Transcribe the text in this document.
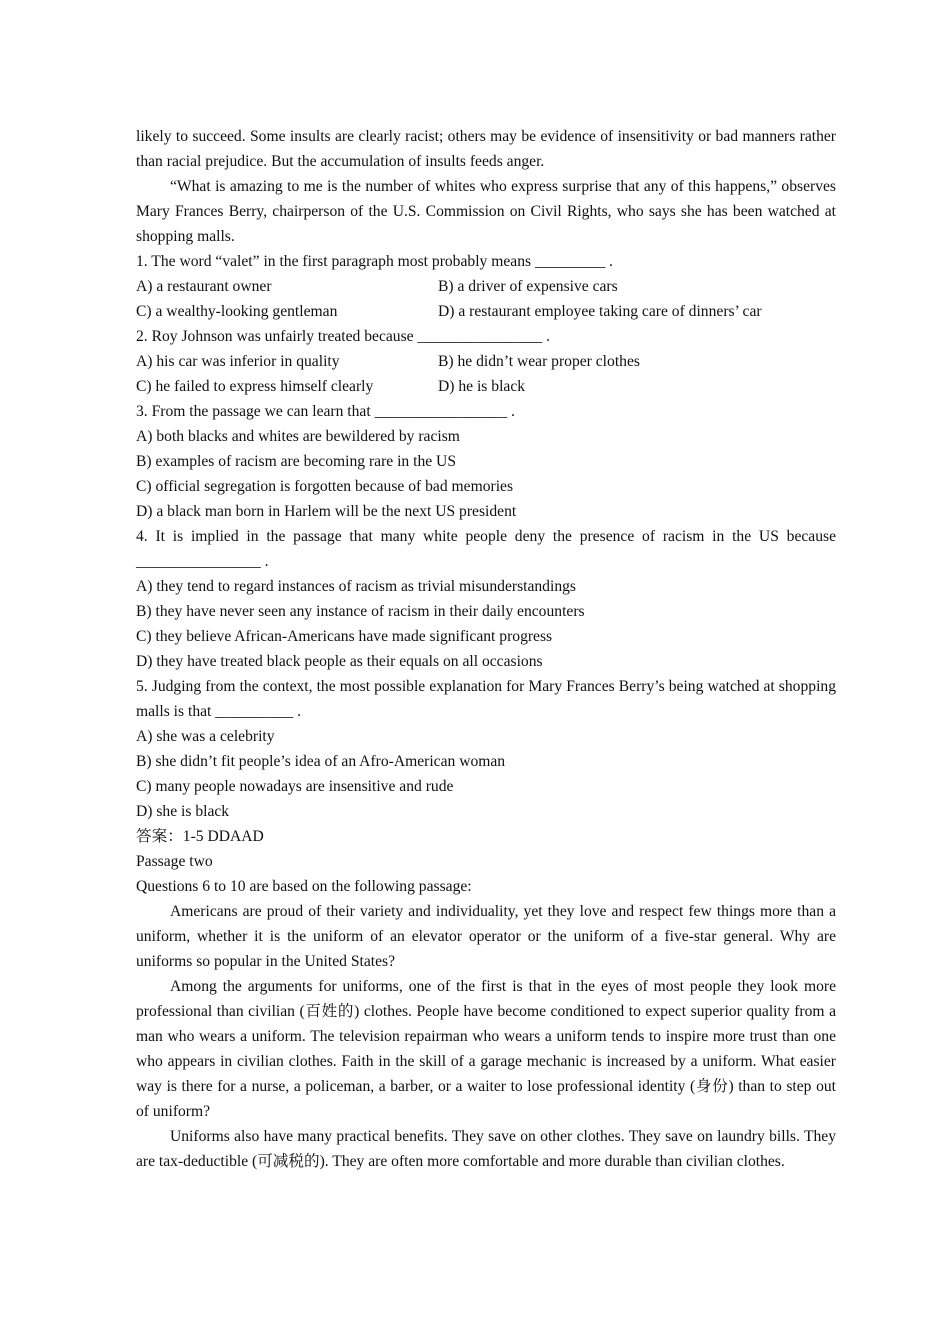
likely to succeed. Some insults are clearly racist; others may be evidence of insensitivity or bad manners rather than racial prejudice. But the accumulation of insults feeds anger.

“What is amazing to me is the number of whites who express surprise that any of this happens,” observes Mary Frances Berry, chairperson of the U.S. Commission on Civil Rights, who says she has been watched at shopping malls.

1. The word “valet” in the first paragraph most probably means _________ .

A) a restaurant owner	B) a driver of expensive cars
C) a wealthy-looking gentleman	D) a restaurant employee taking care of dinners’ car

2. Roy Johnson was unfairly treated because ________________ .

A) his car was inferior in quality	B) he didn’t wear proper clothes
C) he failed to express himself clearly	D) he is black

3. From the passage we can learn that _________________ .

A) both blacks and whites are bewildered by racism

B) examples of racism are becoming rare in the US

C) official segregation is forgotten because of bad memories

D) a black man born in Harlem will be the next US president

4. It is implied in the passage that many white people deny the presence of racism in the US because ________________ .

A) they tend to regard instances of racism as trivial misunderstandings

B) they have never seen any instance of racism in their daily encounters

C) they believe African-Americans have made significant progress

D) they have treated black people as their equals on all occasions

5. Judging from the context, the most possible explanation for Mary Frances Berry’s being watched at shopping malls is that __________ .

A) she was a celebrity

B) she didn’t fit people’s idea of an Afro-American woman

C) many people nowadays are insensitive and rude

D) she is black

答案：1-5 DDAAD

Passage two

Questions 6 to 10 are based on the following passage:

Americans are proud of their variety and individuality, yet they love and respect few things more than a uniform, whether it is the uniform of an elevator operator or the uniform of a five-star general. Why are uniforms so popular in the United States?

Among the arguments for uniforms, one of the first is that in the eyes of most people they look more professional than civilian (百姓的) clothes. People have become conditioned to expect superior quality from a man who wears a uniform. The television repairman who wears a uniform tends to inspire more trust than one who appears in civilian clothes. Faith in the skill of a garage mechanic is increased by a uniform. What easier way is there for a nurse, a policeman, a barber, or a waiter to lose professional identity (身份) than to step out of uniform?

Uniforms also have many practical benefits. They save on other clothes. They save on laundry bills. They are tax-deductible (可减税的). They are often more comfortable and more durable than civilian clothes.
